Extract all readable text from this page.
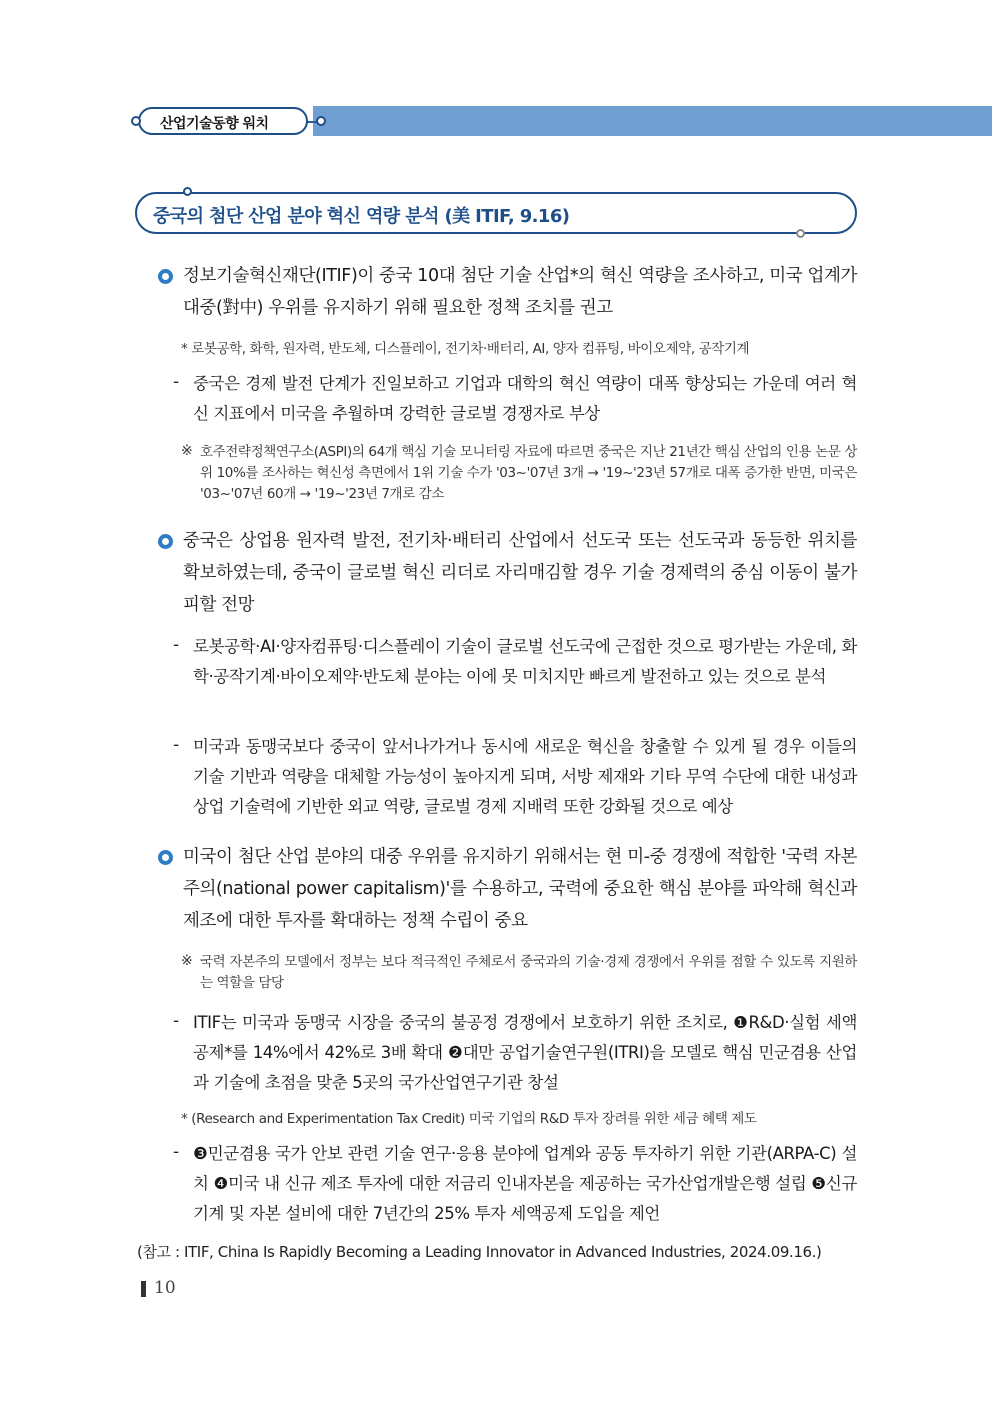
산업기술동향 워치
중국의 첨단 산업 분야 혁신 역량 분석 (美 ITIF, 9.16)
정보기술혁신재단(ITIF)이 중국 10대 첨단 기술 산업*의 혁신 역량을 조사하고, 미국 업계가 대중(對中) 우위를 유지하기 위해 필요한 정책 조치를 권고
* 로봇공학, 화학, 원자력, 반도체, 디스플레이, 전기차·배터리, AI, 양자 컴퓨팅, 바이오제약, 공작기계
- 중국은 경제 발전 단계가 진일보하고 기업과 대학의 혁신 역량이 대폭 향상되는 가운데 여러 혁신 지표에서 미국을 추월하며 강력한 글로벌 경쟁자로 부상
※ 호주전략정책연구소(ASPI)의 64개 핵심 기술 모니터링 자료에 따르면 중국은 지난 21년간 핵심 산업의 인용 논문 상위 10%를 조사하는 혁신성 측면에서 1위 기술 수가 '03~'07년 3개 → '19~'23년 57개로 대폭 증가한 반면, 미국은 '03~'07년 60개 → '19~'23년 7개로 감소
중국은 상업용 원자력 발전, 전기차·배터리 산업에서 선도국 또는 선도국과 동등한 위치를 확보하였는데, 중국이 글로벌 혁신 리더로 자리매김할 경우 기술 경제력의 중심 이동이 불가피할 전망
- 로봇공학·AI·양자컴퓨팅·디스플레이 기술이 글로벌 선도국에 근접한 것으로 평가받는 가운데, 화학·공작기계·바이오제약·반도체 분야는 이에 못 미치지만 빠르게 발전하고 있는 것으로 분석
- 미국과 동맹국보다 중국이 앞서나가거나 동시에 새로운 혁신을 창출할 수 있게 될 경우 이들의 기술 기반과 역량을 대체할 가능성이 높아지게 되며, 서방 제재와 기타 무역 수단에 대한 내성과 상업 기술력에 기반한 외교 역량, 글로벌 경제 지배력 또한 강화될 것으로 예상
미국이 첨단 산업 분야의 대중 우위를 유지하기 위해서는 현 미-중 경쟁에 적합한 '국력 자본주의(national power capitalism)'를 수용하고, 국력에 중요한 핵심 분야를 파악해 혁신과 제조에 대한 투자를 확대하는 정책 수립이 중요
※ 국력 자본주의 모델에서 정부는 보다 적극적인 주체로서 중국과의 기술·경제 경쟁에서 우위를 점할 수 있도록 지원하는 역할을 담당
- ITIF는 미국과 동맹국 시장을 중국의 불공정 경쟁에서 보호하기 위한 조치로, ❶R&D·실험 세액공제*를 14%에서 42%로 3배 확대 ❷대만 공업기술연구원(ITRI)을 모델로 핵심 민군겸용 산업과 기술에 초점을 맞춘 5곳의 국가산업연구기관 창설
* (Research and Experimentation Tax Credit) 미국 기업의 R&D 투자 장려를 위한 세금 혜택 제도
- ❸민군겸용 국가 안보 관련 기술 연구·응용 분야에 업계와 공동 투자하기 위한 기관(ARPA-C) 설치 ❹미국 내 신규 제조 투자에 대한 저금리 인내자본을 제공하는 국가산업개발은행 설립 ❺신규 기계 및 자본 설비에 대한 7년간의 25% 투자 세액공제 도입을 제언
(참고 : ITIF, China Is Rapidly Becoming a Leading Innovator in Advanced Industries, 2024.09.16.)
10
